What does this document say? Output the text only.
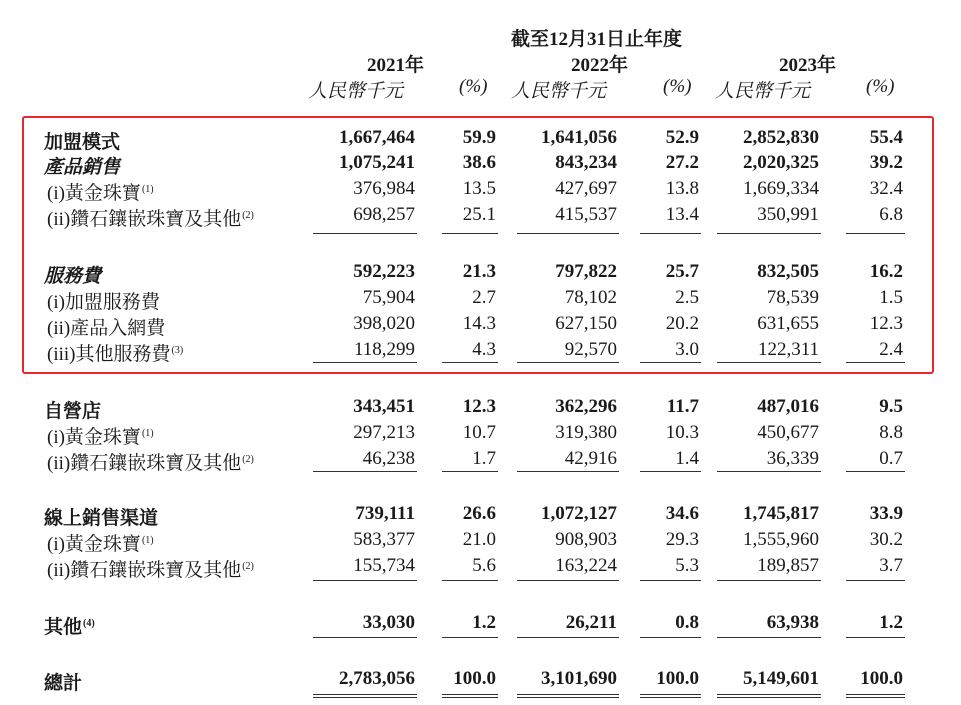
截至12月31日止年度
2021年	2022年	2023年
人民幣千元	(%) 人民幣千元	(%) 人民幣千元	(%)
加盟模式	1,667,464	59.9 1,641,056	52.9 2,852,830	55.4
產品銷售	1,075,241	38.6	843,234	27.2 2,020,325	39.2
(i)黃金珠寶$^{(1)}$	376,984	13.5	427,697	13.8 1,669,334	32.4
(ii)鑽石鑲嵌珠寶及其他$^{(2)}$	698,257	25.1	415,537	13.4	350,991	6.8
服務費	592,223	21.3	797,822	25.7	832,505	16.2
(i)加盟服務費	75,904	2.7	78,102	2.5	78,539	1.5
(ii)產品入網費	398,020	14.3	627,150	20.2	631,655	12.3
(iii)其他服務費$^{(3)}$	118,299	4.3	92,570	3.0	122,311	2.4
自營店	343,451	12.3	362,296	11.7	487,016	9.5
(i)黃金珠寶$^{(1)}$	297,213	10.7	319,380	10.3	450,677	8.8
(ii)鑽石鑲嵌珠寶及其他$^{(2)}$	46,238	1.7	42,916	1.4	36,339	0.7
線上銷售渠道	739,111	26.6 1,072,127	34.6 1,745,817	33.9
(i)黃金珠寶$^{(1)}$	583,377	21.0	908,903	29.3 1,555,960	30.2
(ii)鑽石鑲嵌珠寶及其他$^{(2)}$	155,734	5.6	163,224	5.3	189,857	3.7
其他$^{(4)}$	33,030	1.2	26,211	0.8	63,938	1.2
總計	2,783,056 100.0 3,101,690 100.0 5,149,601 100.0
